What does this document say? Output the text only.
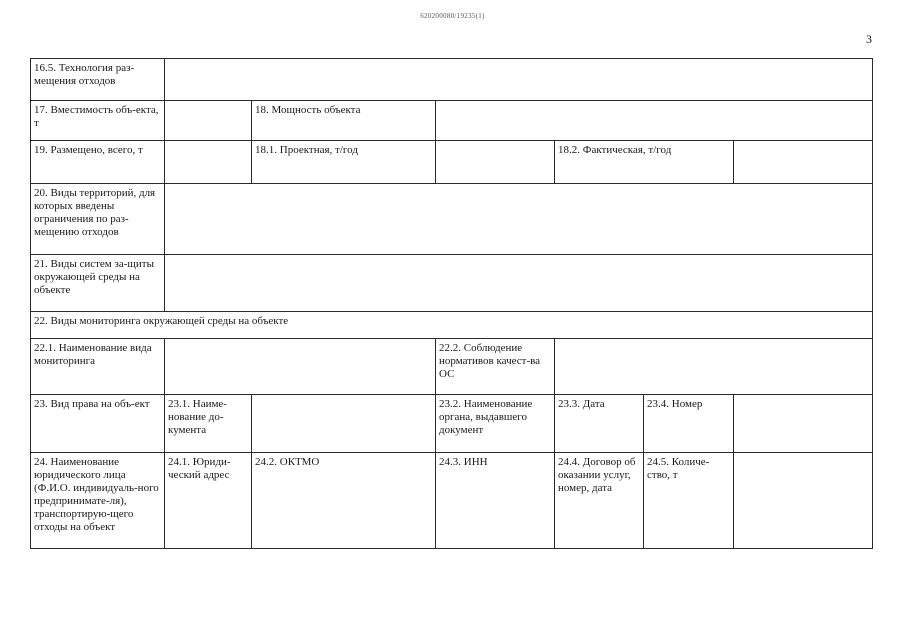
620200080/19235(1)
3
16.5. Технология раз-мещения отходов						
17. Вместимость объ-екта, т		18. Мощность объекта				
19. Размещено, всего, т		18.1. Проектная, т/год		18.2. Фактическая, т/год		
20. Виды территорий, для которых введены ограничения по раз-мещению отходов						
21. Виды систем за-щиты окружающей среды на объекте						
22. Виды мониторинга окружающей среды на объекте						
22.1. Наименование вида мониторинга			22.2. Соблюдение нормативов качест-ва ОС			
23. Вид права на объ-ект	23.1. Наиме-нование до-кумента		23.2. Наименование органа, выдавшего документ	23.3. Дата	23.4. Номер	
24. Наименование юридического лица (Ф.И.О. индивидуаль-ного предпринимате-ля), транспортирую-щего отходы на объект	24.1. Юриди-ческий адрес	24.2. ОКТМО	24.3. ИНН	24.4. Договор об оказании услуг, номер, дата	24.5. Количе-ство, т	
